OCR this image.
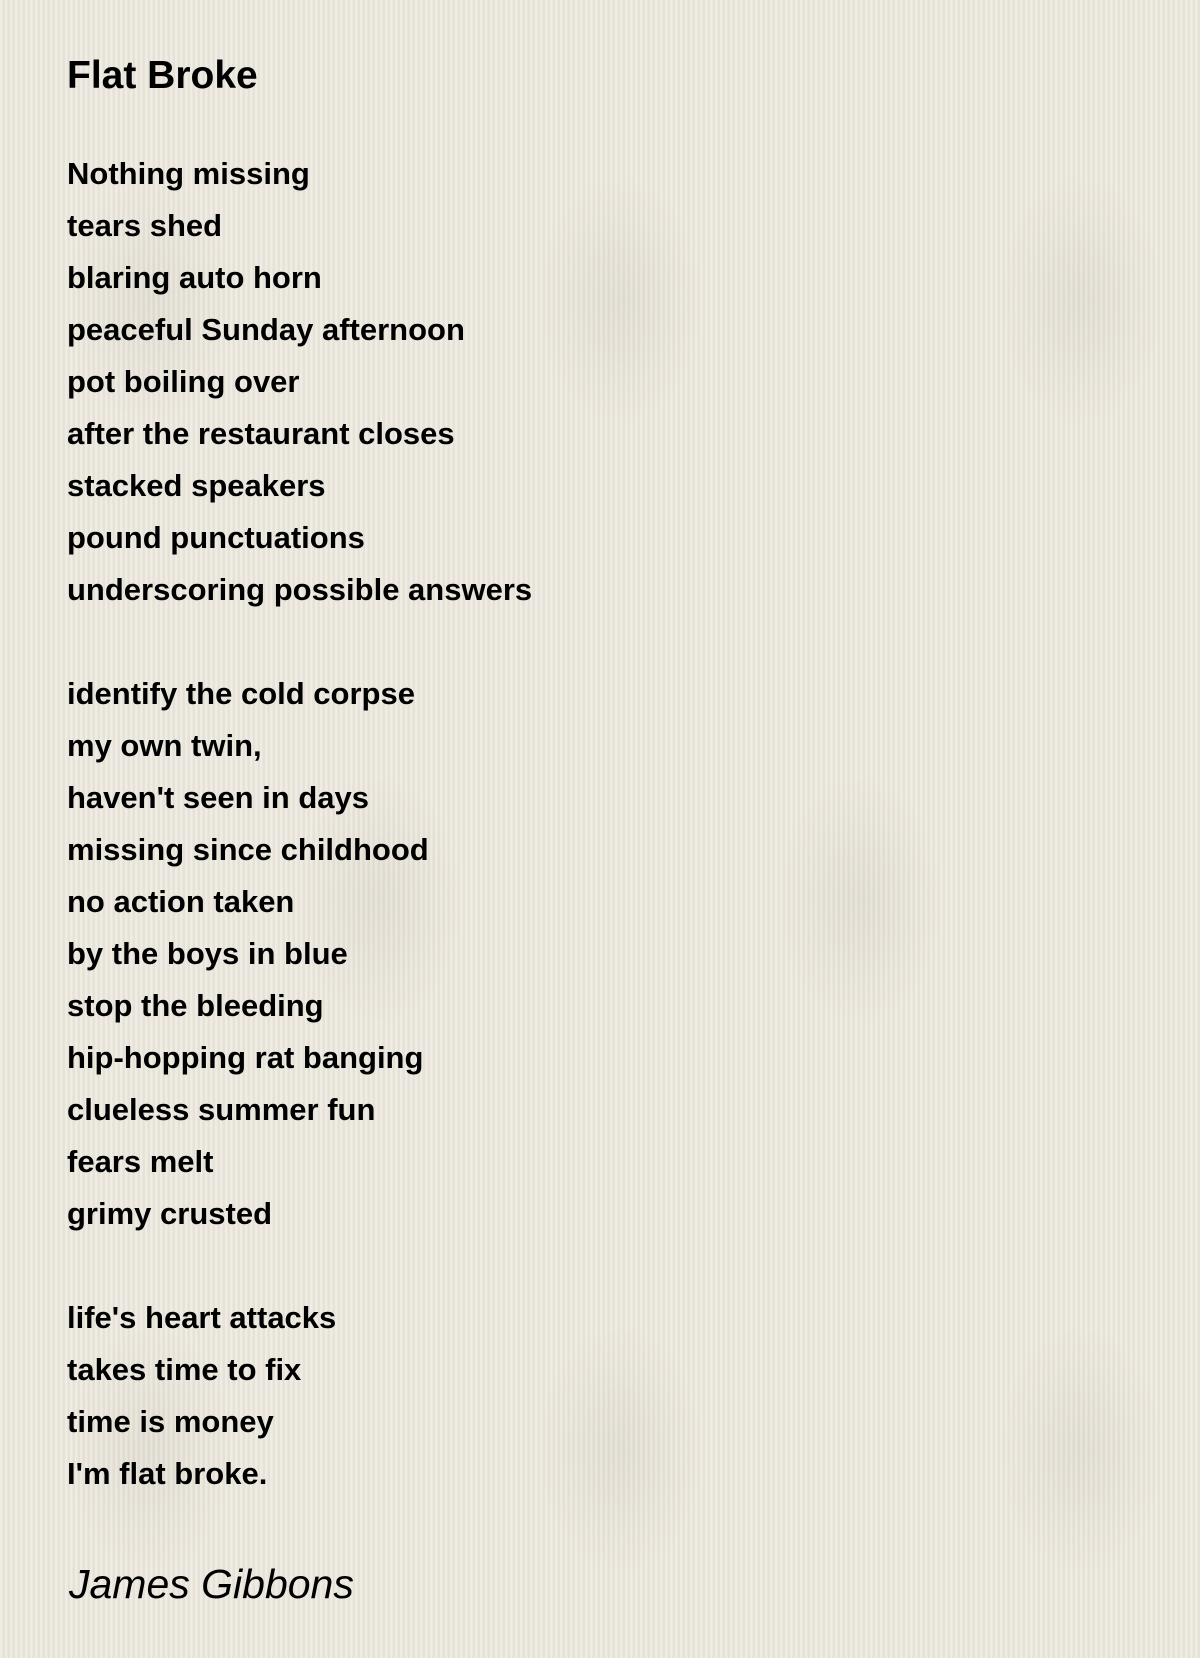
Flat Broke
Nothing missing
tears shed
blaring auto horn
peaceful Sunday afternoon
pot boiling over
after the restaurant closes
stacked speakers
pound punctuations
underscoring possible answers
identify the cold corpse
my own twin,
haven't seen in days
missing since childhood
no action taken
by the boys in blue
stop the bleeding
hip-hopping rat banging
clueless summer fun
fears melt
grimy crusted
life's heart attacks
takes time to fix
time is money
I'm flat broke.
James Gibbons
